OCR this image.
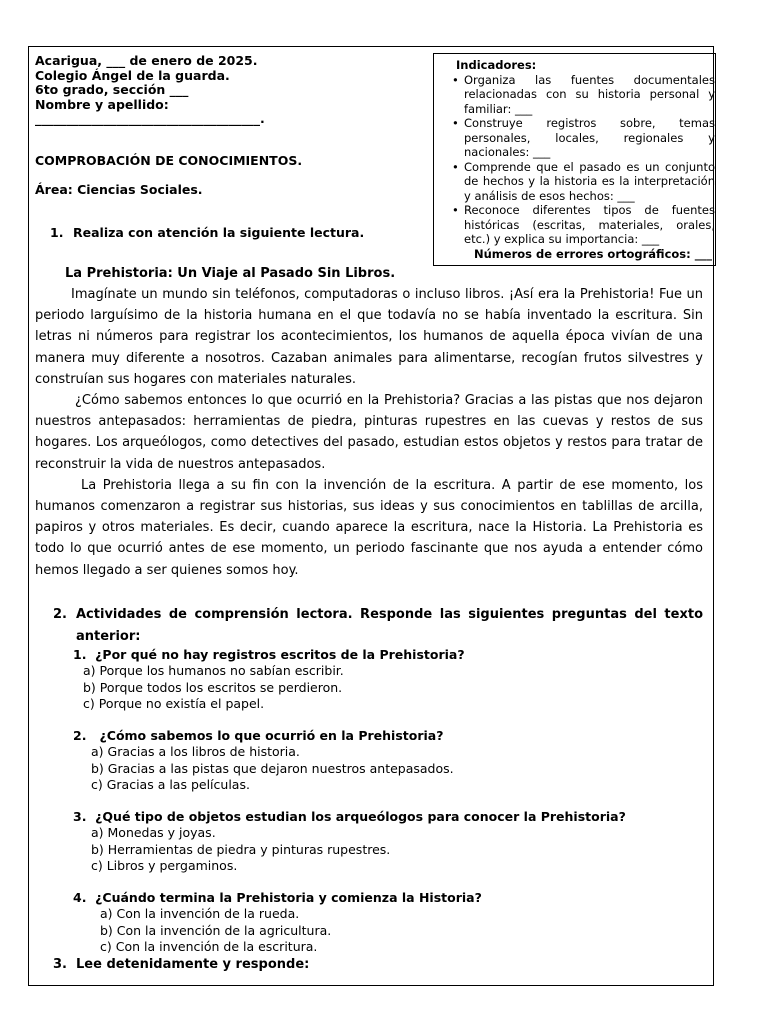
Acarigua, ___ de enero de 2025.
Colegio Ángel de la guarda.
6to grado, sección ___
Nombre y apellido:
____________________________________.
Indicadores:
• Organiza las fuentes documentales relacionadas con su historia personal y familiar: ___
• Construye registros sobre, temas personales, locales, regionales y nacionales: ___
• Comprende que el pasado es un conjunto de hechos y la historia es la interpretación y análisis de esos hechos: ___
• Reconoce diferentes tipos de fuentes históricas (escritas, materiales, orales, etc.) y explica su importancia: ___
Números de errores ortográficos: ___
COMPROBACIÓN DE CONOCIMIENTOS.
Área: Ciencias Sociales.
1. Realiza con atención la siguiente lectura.
La Prehistoria: Un Viaje al Pasado Sin Libros.

Imagínate un mundo sin teléfonos, computadoras o incluso libros. ¡Así era la Prehistoria! Fue un periodo larguísimo de la historia humana en el que todavía no se había inventado la escritura. Sin letras ni números para registrar los acontecimientos, los humanos de aquella época vivían de una manera muy diferente a nosotros. Cazaban animales para alimentarse, recogían frutos silvestres y construían sus hogares con materiales naturales.

¿Cómo sabemos entonces lo que ocurrió en la Prehistoria? Gracias a las pistas que nos dejaron nuestros antepasados: herramientas de piedra, pinturas rupestres en las cuevas y restos de sus hogares. Los arqueólogos, como detectives del pasado, estudian estos objetos y restos para tratar de reconstruir la vida de nuestros antepasados.

La Prehistoria llega a su fin con la invención de la escritura. A partir de ese momento, los humanos comenzaron a registrar sus historias, sus ideas y sus conocimientos en tablillas de arcilla, papiros y otros materiales. Es decir, cuando aparece la escritura, nace la Historia. La Prehistoria es todo lo que ocurrió antes de ese momento, un periodo fascinante que nos ayuda a entender cómo hemos llegado a ser quienes somos hoy.

2. Actividades de comprensión lectora. Responde las siguientes preguntas del texto anterior:
1. ¿Por qué no hay registros escritos de la Prehistoria?
a) Porque los humanos no sabían escribir.
b) Porque todos los escritos se perdieron.
c) Porque no existía el papel.
2. ¿Cómo sabemos lo que ocurrió en la Prehistoria?
a) Gracias a los libros de historia.
b) Gracias a las pistas que dejaron nuestros antepasados.
c) Gracias a las películas.
3. ¿Qué tipo de objetos estudian los arqueólogos para conocer la Prehistoria?
a) Monedas y joyas.
b) Herramientas de piedra y pinturas rupestres.
c) Libros y pergaminos.
4. ¿Cuándo termina la Prehistoria y comienza la Historia?
a) Con la invención de la rueda.
b) Con la invención de la agricultura.
c) Con la invención de la escritura.
3. Lee detenidamente y responde:
